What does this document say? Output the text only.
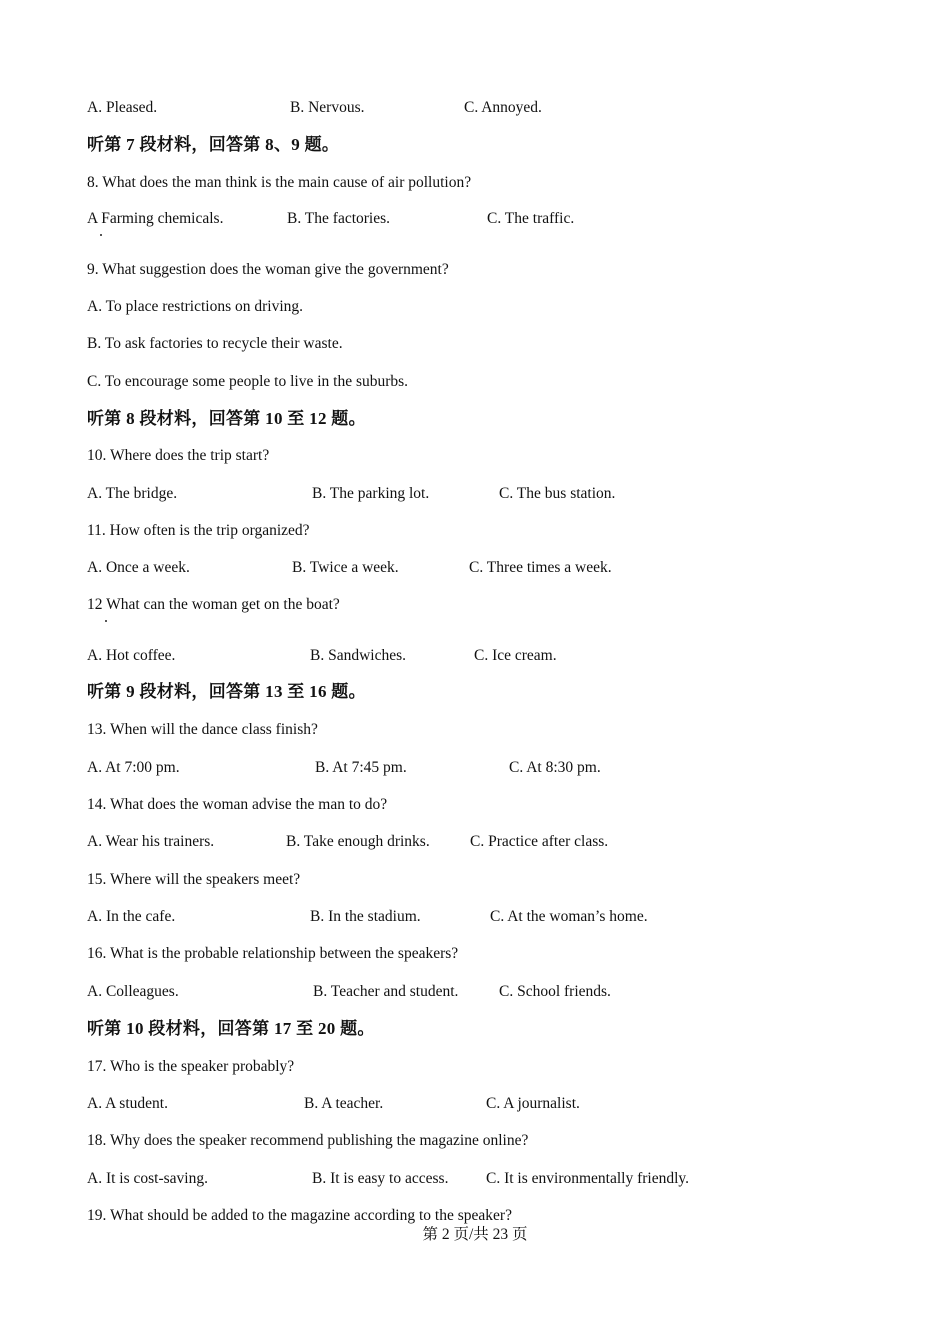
A. Pleased.	B. Nervous.	C. Annoyed.
听第 7 段材料，回答第 8、9 题。
8. What does the man think is the main cause of air pollution?
A Farming chemicals.	B. The factories.	C. The traffic.
9. What suggestion does the woman give the government?
A. To place restrictions on driving.
B. To ask factories to recycle their waste.
C. To encourage some people to live in the suburbs.
听第 8 段材料，回答第 10 至 12 题。
10. Where does the trip start?
A. The bridge.	B. The parking lot.	C. The bus station.
11. How often is the trip organized?
A. Once a week.	B. Twice a week.	C. Three times a week.
12 What can the woman get on the boat?
A. Hot coffee.	B. Sandwiches.	C. Ice cream.
听第 9 段材料，回答第 13 至 16 题。
13. When will the dance class finish?
A. At 7:00 pm.	B. At 7:45 pm.	C. At 8:30 pm.
14. What does the woman advise the man to do?
A. Wear his trainers.	B. Take enough drinks.	C. Practice after class.
15. Where will the speakers meet?
A. In the cafe.	B. In the stadium.	C. At the woman’s home.
16. What is the probable relationship between the speakers?
A. Colleagues.	B. Teacher and student.	C. School friends.
听第 10 段材料，回答第 17 至 20 题。
17. Who is the speaker probably?
A. A student.	B. A teacher.	C. A journalist.
18. Why does the speaker recommend publishing the magazine online?
A. It is cost-saving.	B. It is easy to access. C. It is environmentally friendly.
19. What should be added to the magazine according to the speaker?
第 2 页/共 23 页
